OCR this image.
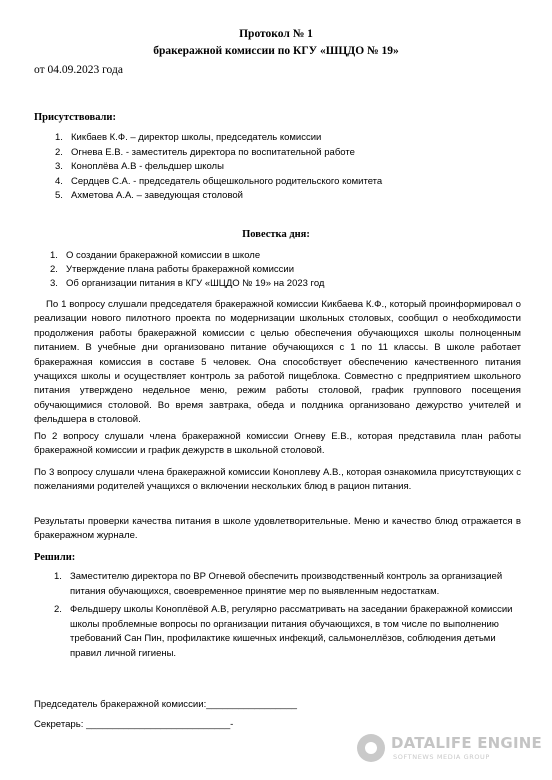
Протокол № 1
бракеражной комиссии по КГУ «ШЦДО № 19»
от 04.09.2023 года
Присутствовали:
1. Кикбаев К.Ф. – директор школы, председатель комиссии
2. Огнева Е.В. - заместитель директора по воспитательной работе
3. Коноплёва А.В - фельдшер школы
4. Сердцев С.А. - председатель общешкольного родительского комитета
5. Ахметова А.А. – заведующая столовой
Повестка дня:
1. О создании бракеражной комиссии в школе
2. Утверждение плана работы бракеражной комиссии
3. Об организации питания в КГУ «ШЦДО № 19» на 2023 год

По 1 вопросу слушали председателя бракеражной комиссии Кикбаева К.Ф., который проинформировал о реализации нового пилотного проекта по модернизации школьных столовых, сообщил о необходимости продолжения работы бракеражной комиссии с целью обеспечения обучающихся школы полноценным питанием. В учебные дни организовано питание обучающихся с 1 по 11 классы. В школе работает бракеражная комиссия в составе 5 человек. Она способствует обеспечению качественного питания учащихся школы и осуществляет контроль за работой пищеблока. Совместно с предприятием школьного питания утверждено недельное меню, режим работы столовой, график группового посещения обучающимися столовой. Во время завтрака, обеда и полдника организовано дежурство учителей и фельдшера в столовой.

По 2 вопросу слушали члена бракеражной комиссии Огневу Е.В., которая представила план работы бракеражной комиссии и график дежурств в школьной столовой.

По 3 вопросу слушали члена бракеражной комиссии Коноплеву А.В., которая ознакомила присутствующих с пожеланиями родителей учащихся о включении нескольких блюд в рацион питания.

Результаты проверки качества питания в школе удовлетворительные. Меню и качество блюд отражается в бракеражном журнале.

Решили:
1. Заместителю директора по ВР Огневой обеспечить производственный контроль за организацией питания обучающихся, своевременное принятие мер по выявленным недостаткам.
2. Фельдшеру школы Коноплёвой А.В, регулярно рассматривать на заседании бракеражной комиссии школы проблемные вопросы по организации питания обучающихся, в том числе по выполнению требований Сан Пин, профилактике кишечных инфекций, сальмонеллёзов, соблюдения детьми правил личной гигиены.
Председатель бракеражной комиссии:_________________
Секретарь: ___________________________-
DATALIFE ENGINE
SOFTNEWS MEDIA GROUP
